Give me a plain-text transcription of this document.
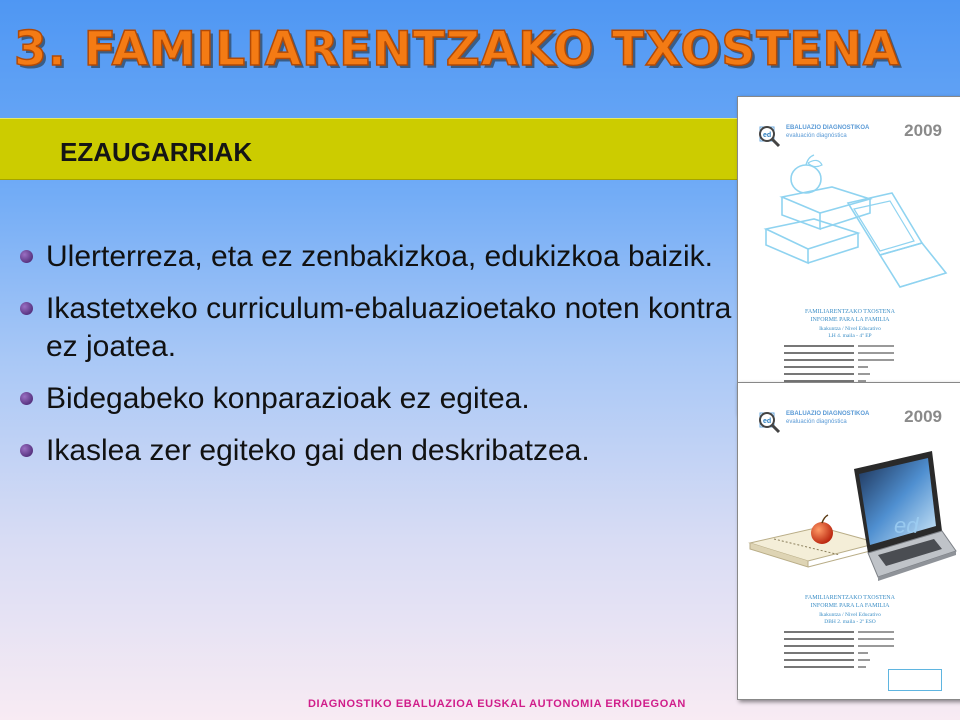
3. FAMILIARENTZAKO TXOSTENA
EZAUGARRIAK
Ulerterreza, eta ez zenbakizkoa, edukizkoa baizik.
Ikastetxeko curriculum-ebaluazioetako noten kontra ez joatea.
Bidegabeko konparazioak ez egitea.
Ikaslea zer egiteko gai den deskribatzea.
ed
EBALUAZIO DIAGNOSTIKOA
evaluación diagnóstica	2009
FAMILIARENTZAKO TXOSTENA
INFORME PARA LA FAMILIA
Ikakuntza / Nivel Educativo
LH 4. maila - 4º EP
ed
EBALUAZIO DIAGNOSTIKOA
evaluación diagnóstica	2009
ed
FAMILIARENTZAKO TXOSTENA
INFORME PARA LA FAMILIA
Ikakuntza / Nivel Educativo
DBH 2. maila - 2º ESO
DIAGNOSTIKO EBALUAZIOA EUSKAL AUTONOMIA ERKIDEGOAN
